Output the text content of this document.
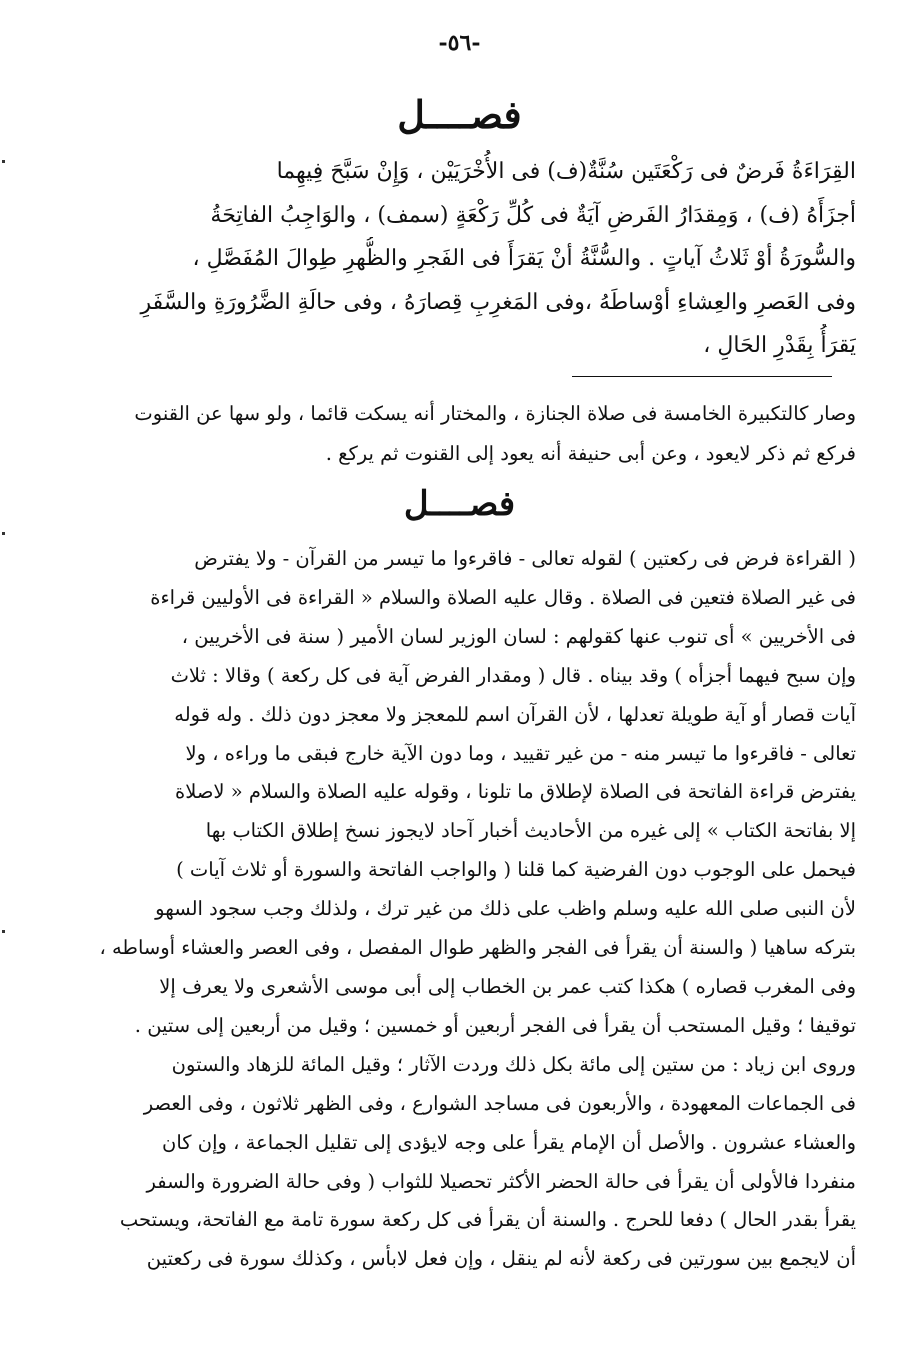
-٥٦-
فصــــل
القِرَاءَةُ فَرضٌ فى رَكْعَتَين سُنَّةٌ(ف) فى الأُخْرَيَيْن ، وَإِنْ سَبَّحَ فِيهِما
أجزَأَهُ (ف) ، وَمِقدَارُ الفَرضِ آيَةٌ فى كُلِّ رَكْعَةٍ (سمف) ، والوَاجِبُ الفاتِحَةُ
والسُّورَةُ أوْ ثَلاثُ آياتٍ . والسُّنَّةُ أنْ يَقرَأَ فى الفَجرِ والظُّهرِ طِوالَ المُفَصَّلِ ،
وفى العَصرِ والعِشاءِ أوْساطَهُ ،وفى المَغرِبِ قِصارَهُ ، وفى حالَةِ الضَّرُورَةِ والسَّفَرِ
يَقرَأُ بِقَدْرِ الحَالِ ،
وصار كالتكبيرة الخامسة فى صلاة الجنازة ، والمختار أنه يسكت قائما ، ولو سها عن القنوت
فركع ثم ذكر لايعود ، وعن أبى حنيفة أنه يعود إلى القنوت ثم يركع .
فصــــل
( القراءة فرض فى ركعتين ) لقوله تعالى - فاقرءوا ما تيسر من القرآن - ولا يفترض
فى غير الصلاة فتعين فى الصلاة . وقال عليه الصلاة والسلام « القراءة فى الأوليين قراءة
فى الأخريين » أى تنوب عنها كقولهم : لسان الوزير لسان الأمير ( سنة فى الأخريين ،
وإن سبح فيهما أجزأه ) وقد بيناه . قال ( ومقدار الفرض آية فى كل ركعة ) وقالا : ثلاث
آيات قصار أو آية طويلة تعدلها ، لأن القرآن اسم للمعجز ولا معجز دون ذلك . وله قوله
تعالى - فاقرءوا ما تيسر منه - من غير تقييد ، وما دون الآية خارج فبقى ما وراءه ، ولا
يفترض قراءة الفاتحة فى الصلاة لإطلاق ما تلونا ، وقوله عليه الصلاة والسلام « لاصلاة
إلا بفاتحة الكتاب » إلى غيره من الأحاديث أخبار آحاد لايجوز نسخ إطلاق الكتاب بها
فيحمل على الوجوب دون الفرضية كما قلنا ( والواجب الفاتحة والسورة أو ثلاث آيات )
لأن النبى صلى الله عليه وسلم واظب على ذلك من غير ترك ، ولذلك وجب سجود السهو
بتركه ساهيا ( والسنة أن يقرأ فى الفجر والظهر طوال المفصل ، وفى العصر والعشاء أوساطه ،
وفى المغرب قصاره ) هكذا كتب عمر بن الخطاب إلى أبى موسى الأشعرى ولا يعرف إلا
توقيفا ؛ وقيل المستحب أن يقرأ فى الفجر أربعين أو خمسين ؛ وقيل من أربعين إلى ستين .
وروى ابن زياد : من ستين إلى مائة بكل ذلك وردت الآثار ؛ وقيل المائة للزهاد والستون
فى الجماعات المعهودة ، والأربعون فى مساجد الشوارع ، وفى الظهر ثلاثون ، وفى العصر
والعشاء عشرون . والأصل أن الإمام يقرأ على وجه لايؤدى إلى تقليل الجماعة ، وإن كان
منفردا فالأولى أن يقرأ فى حالة الحضر الأكثر تحصيلا للثواب ( وفى حالة الضرورة والسفر
يقرأ بقدر الحال ) دفعا للحرج . والسنة أن يقرأ فى كل ركعة سورة تامة مع الفاتحة، ويستحب
أن لايجمع بين سورتين فى ركعة لأنه لم ينقل ، وإن فعل لابأس ، وكذلك سورة فى ركعتين
